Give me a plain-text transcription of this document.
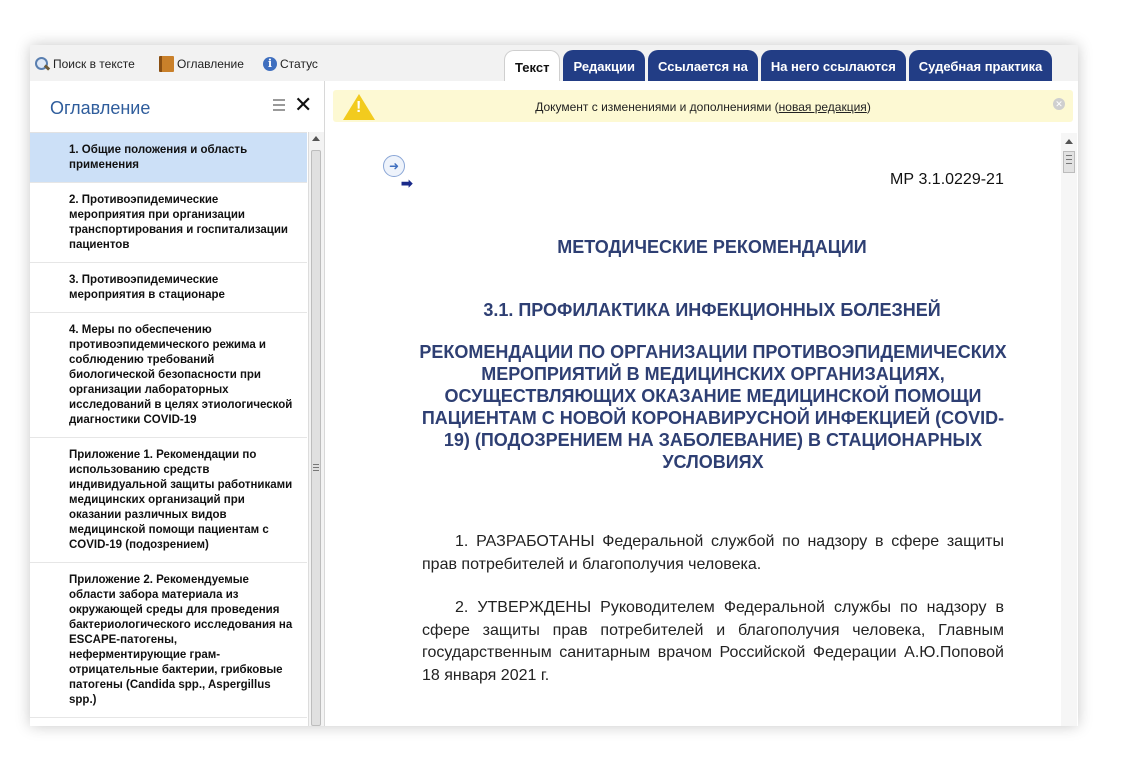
Поиск в тексте	Оглавление	i Статус	Текст	Редакции	Ссылается на	На него ссылаются	Судебная практика
Оглавление	✕
1. Общие положения и область применения
2. Противоэпидемические мероприятия при организации транспортирования и госпитализации пациентов
3. Противоэпидемические мероприятия в стационаре
4. Меры по обеспечению противоэпидемического режима и соблюдению требований биологической безопасности при организации лабораторных исследований в целях этиологической диагностики COVID-19
Приложение 1. Рекомендации по использованию средств индивидуальной защиты работниками медицинских организаций при оказании различных видов медицинской помощи пациентам с COVID-19 (подозрением)
Приложение 2. Рекомендуемые области забора материала из окружающей среды для проведения бактериологического исследования на ESCAPE-патогены, неферментирующие грам-отрицательные бактерии, грибковые патогены (Candida spp., Aspergillus spp.)
!	Документ с изменениями и дополнениями (новая редакция)	✕
➜
➡	МР 3.1.0229-21
МЕТОДИЧЕСКИЕ РЕКОМЕНДАЦИИ
3.1. ПРОФИЛАКТИКА ИНФЕКЦИОННЫХ БОЛЕЗНЕЙ
РЕКОМЕНДАЦИИ ПО ОРГАНИЗАЦИИ ПРОТИВОЭПИДЕМИЧЕСКИХ МЕРОПРИЯТИЙ В МЕДИЦИНСКИХ ОРГАНИЗАЦИЯХ, ОСУЩЕСТВЛЯЮЩИХ ОКАЗАНИЕ МЕДИЦИНСКОЙ ПОМОЩИ ПАЦИЕНТАМ С НОВОЙ КОРОНАВИРУСНОЙ ИНФЕКЦИЕЙ (COVID-19) (ПОДОЗРЕНИЕМ НА ЗАБОЛЕВАНИЕ) В СТАЦИОНАРНЫХ УСЛОВИЯХ
1. РАЗРАБОТАНЫ Федеральной службой по надзору в сфере защиты прав потребителей и благополучия человека.
2. УТВЕРЖДЕНЫ Руководителем Федеральной службы по надзору в сфере защиты прав потребителей и благополучия человека, Главным государственным санитарным врачом Российской Федерации А.Ю.Поповой 18 января 2021 г.
